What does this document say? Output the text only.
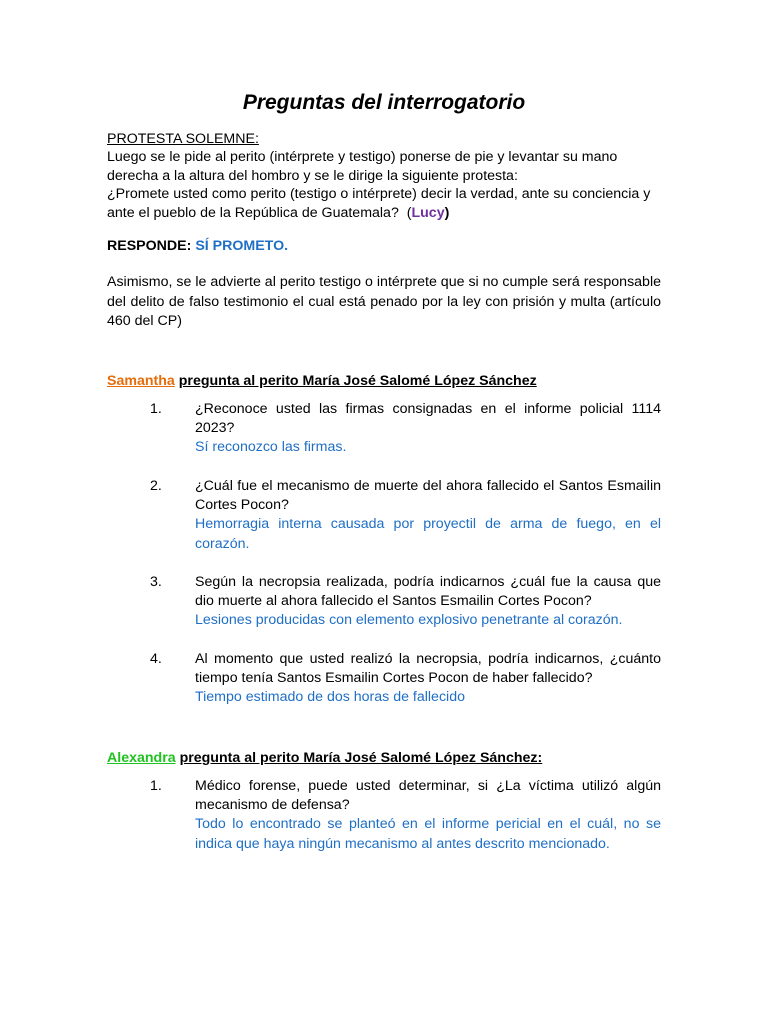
Preguntas del interrogatorio
PROTESTA SOLEMNE:
Luego se le pide al perito (intérprete y testigo) ponerse de pie y levantar su mano derecha a la altura del hombro y se le dirige la siguiente protesta:
¿Promete usted como perito (testigo o intérprete) decir la verdad, ante su conciencia y ante el pueblo de la República de Guatemala? (Lucy)
RESPONDE: SÍ PROMETO.
Asimismo, se le advierte al perito testigo o intérprete que si no cumple será responsable del delito de falso testimonio el cual está penado por la ley con prisión y multa (artículo 460 del CP)
Samantha pregunta al perito María José Salomé López Sánchez
1.	¿Reconoce usted las firmas consignadas en el informe policial 1114 2023?
Sí reconozco las firmas.
2.	¿Cuál fue el mecanismo de muerte del ahora fallecido el Santos Esmailin Cortes Pocon?
Hemorragia interna causada por proyectil de arma de fuego, en el corazón.
3.	Según la necropsia realizada, podría indicarnos ¿cuál fue la causa que dio muerte al ahora fallecido el Santos Esmailin Cortes Pocon?
Lesiones producidas con elemento explosivo penetrante al corazón.
4.	Al momento que usted realizó la necropsia, podría indicarnos, ¿cuánto tiempo tenía Santos Esmailin Cortes Pocon de haber fallecido?
Tiempo estimado de dos horas de fallecido
Alexandra pregunta al perito María José Salomé López Sánchez:
1.	Médico forense, puede usted determinar, si ¿La víctima utilizó algún mecanismo de defensa?
Todo lo encontrado se planteó en el informe pericial en el cuál, no se indica que haya ningún mecanismo al antes descrito mencionado.
